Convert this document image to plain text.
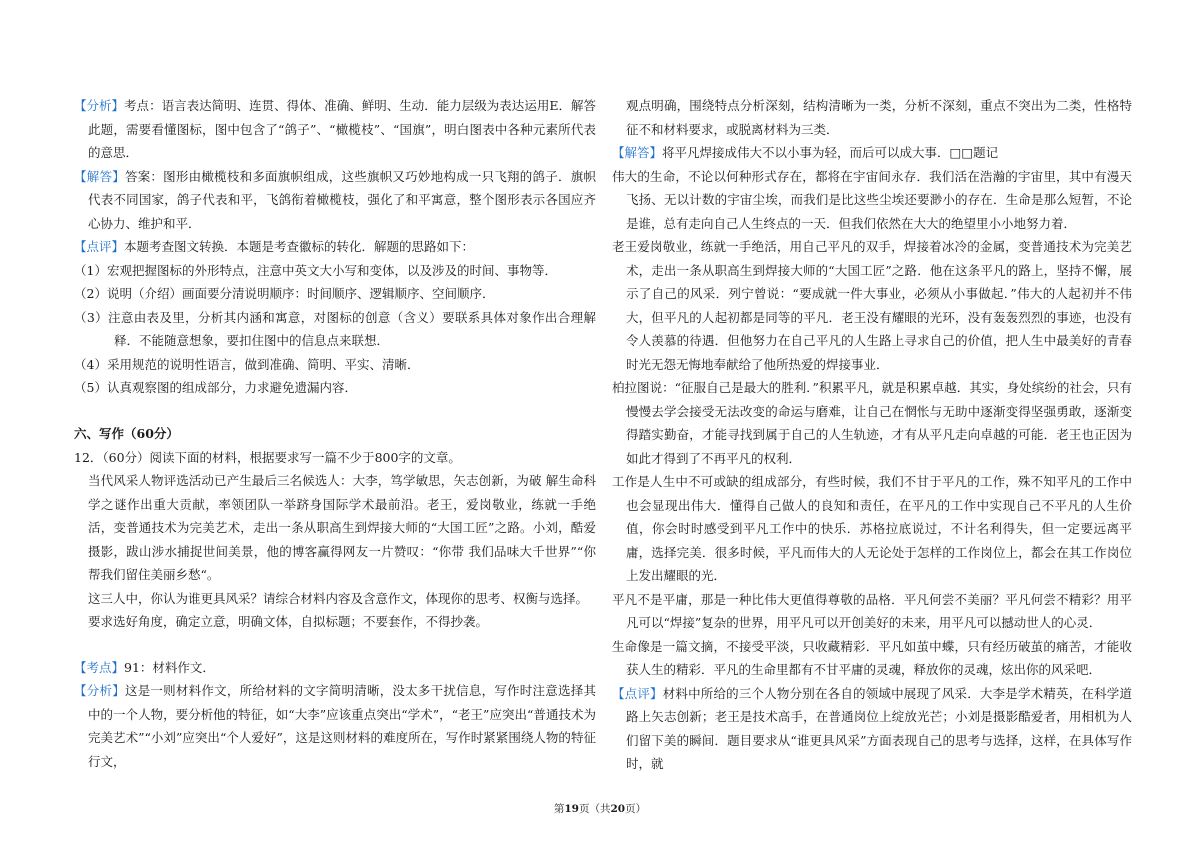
【分析】考点：语言表达简明、连贯、得体、准确、鲜明、生动．能力层级为表达运用E．解答此题，需要看懂图标，图中包含了“鸽子”、“橄榄枝”、“国旗”，明白图表中各种元素所代表的意思．
【解答】答案：图形由橄榄枝和多面旗帜组成，这些旗帜又巧妙地构成一只飞翔的鸽子．旗帜代表不同国家，鸽子代表和平，飞鸽衔着橄榄枝，强化了和平寓意，整个图形表示各国应齐心协力、维护和平．
【点评】本题考查图文转换．本题是考查徽标的转化．解题的思路如下：
（1）宏观把握图标的外形特点，注意中英文大小写和变体，以及涉及的时间、事物等．
（2）说明（介绍）画面要分清说明顺序：时间顺序、逻辑顺序、空间顺序．
（3）注意由表及里，分析其内涵和寓意，对图标的创意（含义）要联系具体对象作出合理解释．不能随意想象，要扣住图中的信息点来联想．
（4）采用规范的说明性语言，做到准确、简明、平实、清晰．
（5）认真观察图的组成部分，力求避免遗漏内容．
六、写作（60分）
12．（60分）阅读下面的材料，根据要求写一篇不少于800字的文章。
当代风采人物评选活动已产生最后三名候选人：大李，笃学敏思，矢志创新，为破 解生命科学之谜作出重大贡献，率领团队一举跻身国际学术最前沿。老王，爱岗敬业，练就一手绝活，变普通技术为完美艺术，走出一条从职高生到焊接大师的“大国工匠”之路。小刘，酷爱摄影，跋山涉水捕捉世间美景，他的博客赢得网友一片赞叹：“你带 我们品味大千世界”“你帮我们留住美丽乡愁“。
这三人中，你认为谁更具风采？请综合材料内容及含意作文，体现你的思考、权衡与选择。
要求选好角度，确定立意，明确文体，自拟标题；不要套作，不得抄袭。
【考点】91：材料作文．
【分析】这是一则材料作文，所给材料的文字简明清晰，没太多干扰信息，写作时注意选择其中的一个人物，要分析他的特征，如“大李”应该重点突出“学术”，“老王”应突出“普通技术为完美艺术”“小刘”应突出“个人爱好”，这是这则材料的难度所在，写作时紧紧围绕人物的特征行文，
观点明确，围绕特点分析深刻，结构清晰为一类，分析不深刻，重点不突出为二类，性格特征不和材料要求，或脱离材料为三类．
【解答】将平凡焊接成伟大不以小事为轻，而后可以成大事．□□题记
伟大的生命，不论以何种形式存在，都将在宇宙间永存．我们活在浩瀚的宇宙里，其中有漫天飞扬、无以计数的宇宙尘埃，而我们是比这些尘埃还要渺小的存在．生命是那么短暂，不论是谁，总有走向自己人生终点的一天．但我们依然在大大的绝望里小小地努力着．
老王爱岗敬业，练就一手绝活，用自己平凡的双手，焊接着冰冷的金属，变普通技术为完美艺术，走出一条从职高生到焊接大师的“大国工匠”之路．他在这条平凡的路上，坚持不懈，展示了自己的风采．列宁曾说：“要成就一件大事业，必须从小事做起．”伟大的人起初并不伟大，但平凡的人起初都是同等的平凡．老王没有耀眼的光环，没有轰轰烈烈的事迹，也没有令人羡慕的待遇．但他努力在自己平凡的人生路上寻求自己的价值，把人生中最美好的青春时光无怨无悔地奉献给了他所热爱的焊接事业．
柏拉图说：“征服自己是最大的胜利．”积累平凡，就是积累卓越．其实，身处缤纷的社会，只有慢慢去学会接受无法改变的命运与磨难，让自己在惘怅与无助中逐渐变得坚强勇敢，逐渐变得踏实勤奋，才能寻找到属于自己的人生轨迹，才有从平凡走向卓越的可能．老王也正因为如此才得到了不再平凡的权利．
工作是人生中不可或缺的组成部分，有些时候，我们不甘于平凡的工作，殊不知平凡的工作中也会显现出伟大．懂得自己做人的良知和责任，在平凡的工作中实现自己不平凡的人生价值，你会时时感受到平凡工作中的快乐．苏格拉底说过，不计名利得失，但一定要远离平庸，选择完美．很多时候，平凡而伟大的人无论处于怎样的工作岗位上，都会在其工作岗位上发出耀眼的光．
平凡不是平庸，那是一种比伟大更值得尊敬的品格．平凡何尝不美丽？平凡何尝不精彩？用平凡可以“焊接”复杂的世界，用平凡可以开创美好的未来，用平凡可以撼动世人的心灵．
生命像是一篇文摘，不接受平淡，只收藏精彩．平凡如茧中蝶，只有经历破茧的痛苦，才能收获人生的精彩．平凡的生命里都有不甘平庸的灵魂，释放你的灵魂，炫出你的风采吧．
【点评】材料中所给的三个人物分别在各自的领域中展现了风采．大李是学术精英，在科学道路上矢志创新；老王是技术高手，在普通岗位上绽放光芒；小刘是摄影酷爱者，用相机为人们留下美的瞬间．题目要求从“谁更具风采”方面表现自己的思考与选择，这样，在具体写作时，就
第19页（共20页）
